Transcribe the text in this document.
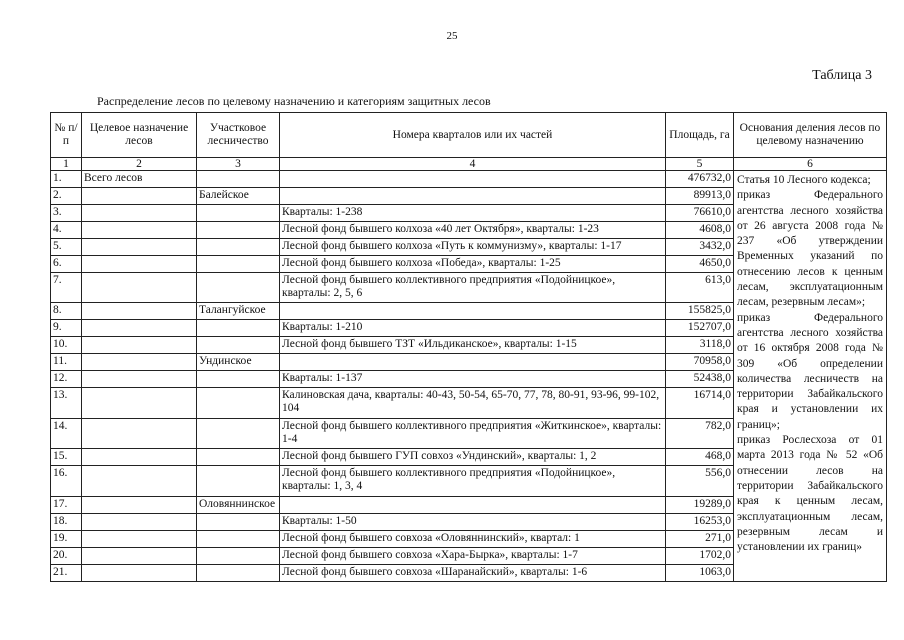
25
Таблица 3
Распределение лесов по целевому назначению и категориям защитных лесов
№ п/п	Целевое назначение лесов	Участковое лесничество	Номера кварталов или их частей	Площадь, га	Основания деления лесов по целевому назначению
1	2	3	4	5	6
1.	Всего лесов			476732,0	Статья 10 Лесного кодекса;
приказ Федерального агентства лесного хозяйства от 26 августа 2008 года № 237 «Об утверждении Временных указаний по отнесению лесов к ценным лесам, эксплуатационным лесам, резервным лесам»;
приказ Федерального агентства лесного хозяйства от 16 октября 2008 года № 309 «Об определении количества лесничеств на территории Забайкальского края и установлении их границ»;
приказ Рослесхоза от 01 марта 2013 года № 52 «Об отнесении лесов на территории Забайкальского края к ценным лесам, эксплуатационным лесам, резервным лесам и установлении их границ»

2.		Балейское		89913,0	
3.			Кварталы: 1-238	76610,0	
4.			Лесной фонд бывшего колхоза «40 лет Октября», кварталы: 1-23	4608,0	
5.			Лесной фонд бывшего колхоза «Путь к коммунизму», кварталы: 1-17	3432,0	
6.			Лесной фонд бывшего колхоза «Победа», кварталы: 1-25	4650,0	
7.			Лесной фонд бывшего коллективного предприятия «Подойницкое», кварталы: 2, 5, 6	613,0	
8.		Талангуйское		155825,0	
9.			Кварталы: 1-210	152707,0	
10.			Лесной фонд бывшего ТЗТ «Ильдиканское», кварталы: 1-15	3118,0	
11.		Ундинское		70958,0	
12.			Кварталы: 1-137	52438,0	
13.			Калиновская дача, кварталы: 40-43, 50-54, 65-70, 77, 78, 80-91, 93-96, 99-102, 104	16714,0	
14.			Лесной фонд бывшего коллективного предприятия «Житкинское», кварталы: 1-4	782,0	
15.			Лесной фонд бывшего ГУП совхоз «Ундинский», кварталы: 1, 2	468,0	
16.			Лесной фонд бывшего коллективного предприятия «Подойницкое», кварталы: 1, 3, 4	556,0	
17.		Оловяннинское		19289,0	
18.			Кварталы: 1-50	16253,0	
19.			Лесной фонд бывшего совхоза «Оловяннинский», квартал: 1	271,0	
20.			Лесной фонд бывшего совхоза «Хара-Бырка», кварталы: 1-7	1702,0	
21.			Лесной фонд бывшего совхоза «Шаранайский», кварталы: 1-6	1063,0	
